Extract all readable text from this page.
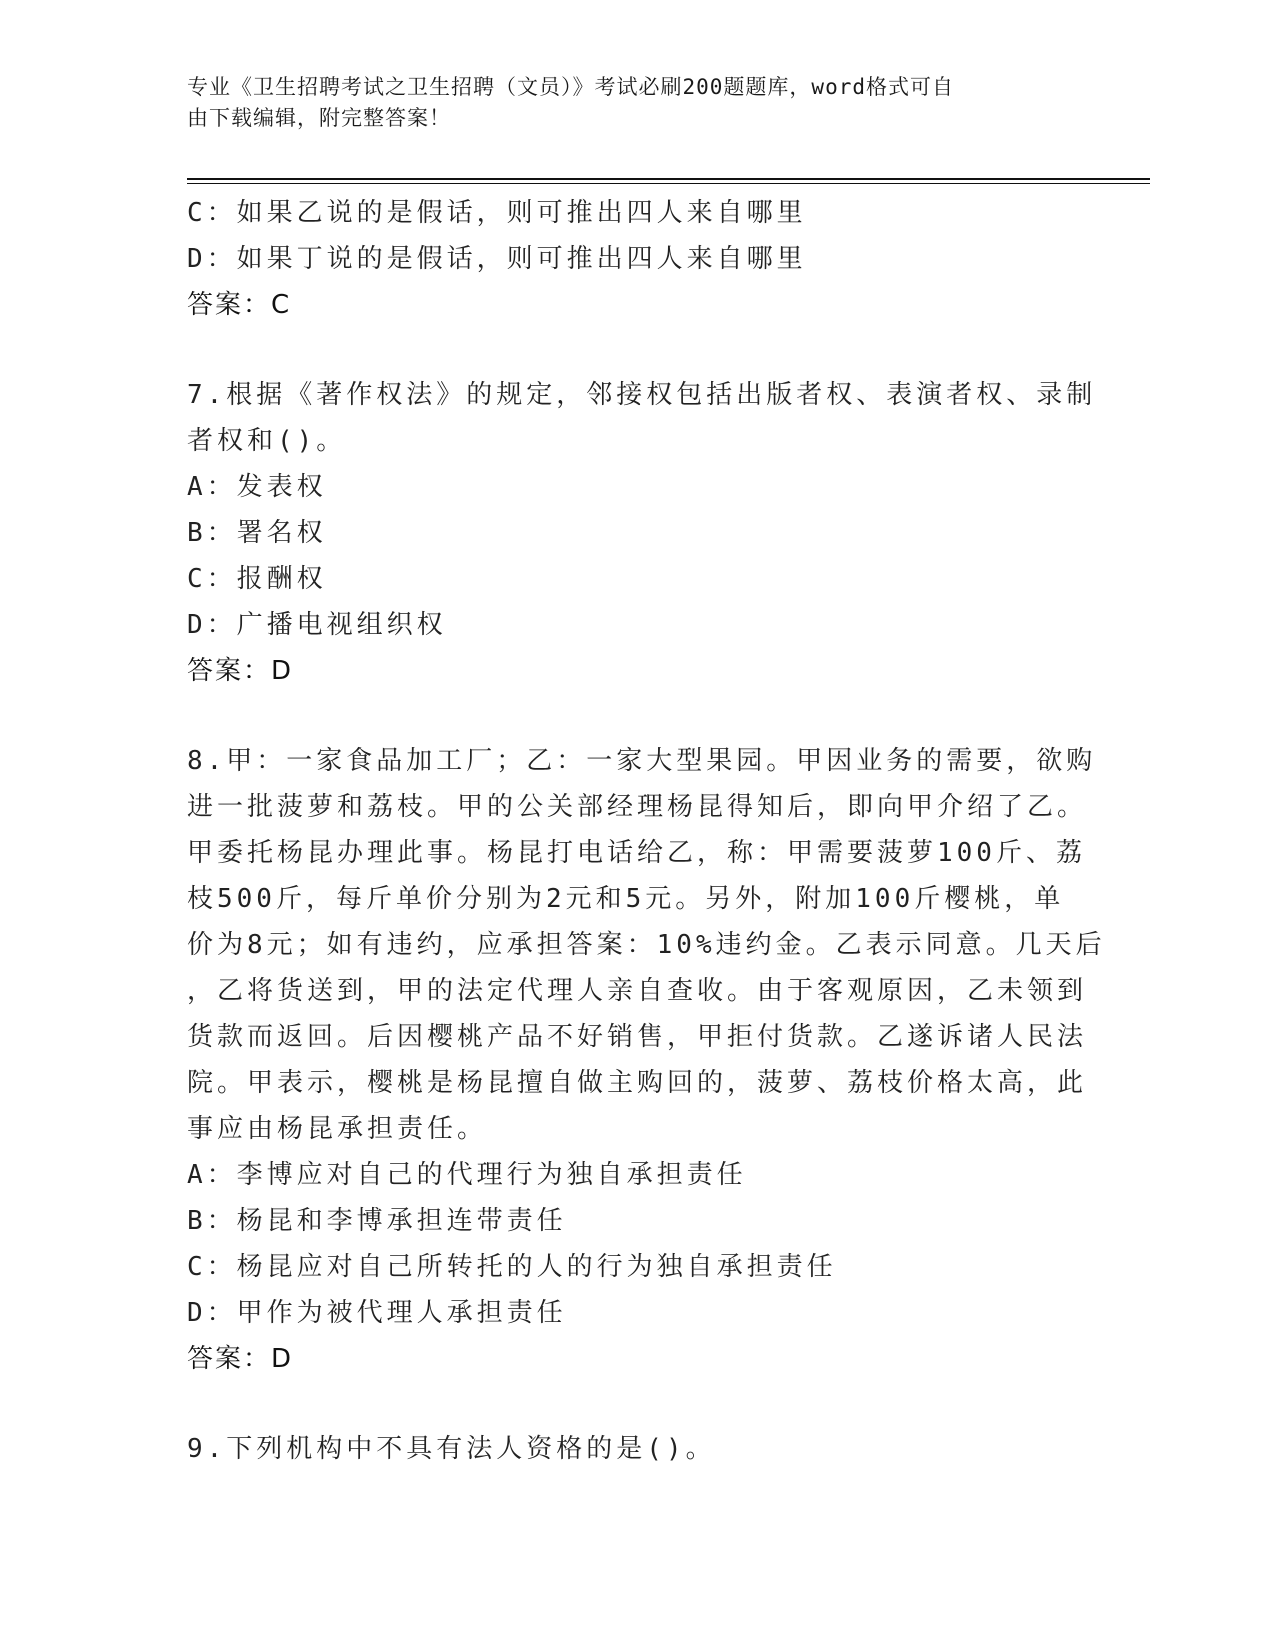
专业《卫生招聘考试之卫生招聘（文员）》考试必刷200题题库，word格式可自
由下载编辑，附完整答案！
C：如果乙说的是假话，则可推出四人来自哪里
D：如果丁说的是假话，则可推出四人来自哪里
答案：C
7.根据《著作权法》的规定，邻接权包括出版者权、表演者权、录制
者权和()。
A：发表权
B：署名权
C：报酬权
D：广播电视组织权
答案：D
8.甲：一家食品加工厂；乙：一家大型果园。甲因业务的需要，欲购
进一批菠萝和荔枝。甲的公关部经理杨昆得知后，即向甲介绍了乙。
甲委托杨昆办理此事。杨昆打电话给乙，称：甲需要菠萝100斤、荔
枝500斤，每斤单价分别为2元和5元。另外，附加100斤樱桃，单
价为8元；如有违约，应承担答案：10%违约金。乙表示同意。几天后
，乙将货送到，甲的法定代理人亲自查收。由于客观原因，乙未领到
货款而返回。后因樱桃产品不好销售，甲拒付货款。乙遂诉诸人民法
院。甲表示，樱桃是杨昆擅自做主购回的，菠萝、荔枝价格太高，此
事应由杨昆承担责任。
A：李博应对自己的代理行为独自承担责任
B：杨昆和李博承担连带责任
C：杨昆应对自己所转托的人的行为独自承担责任
D：甲作为被代理人承担责任
答案：D
9.下列机构中不具有法人资格的是()。
